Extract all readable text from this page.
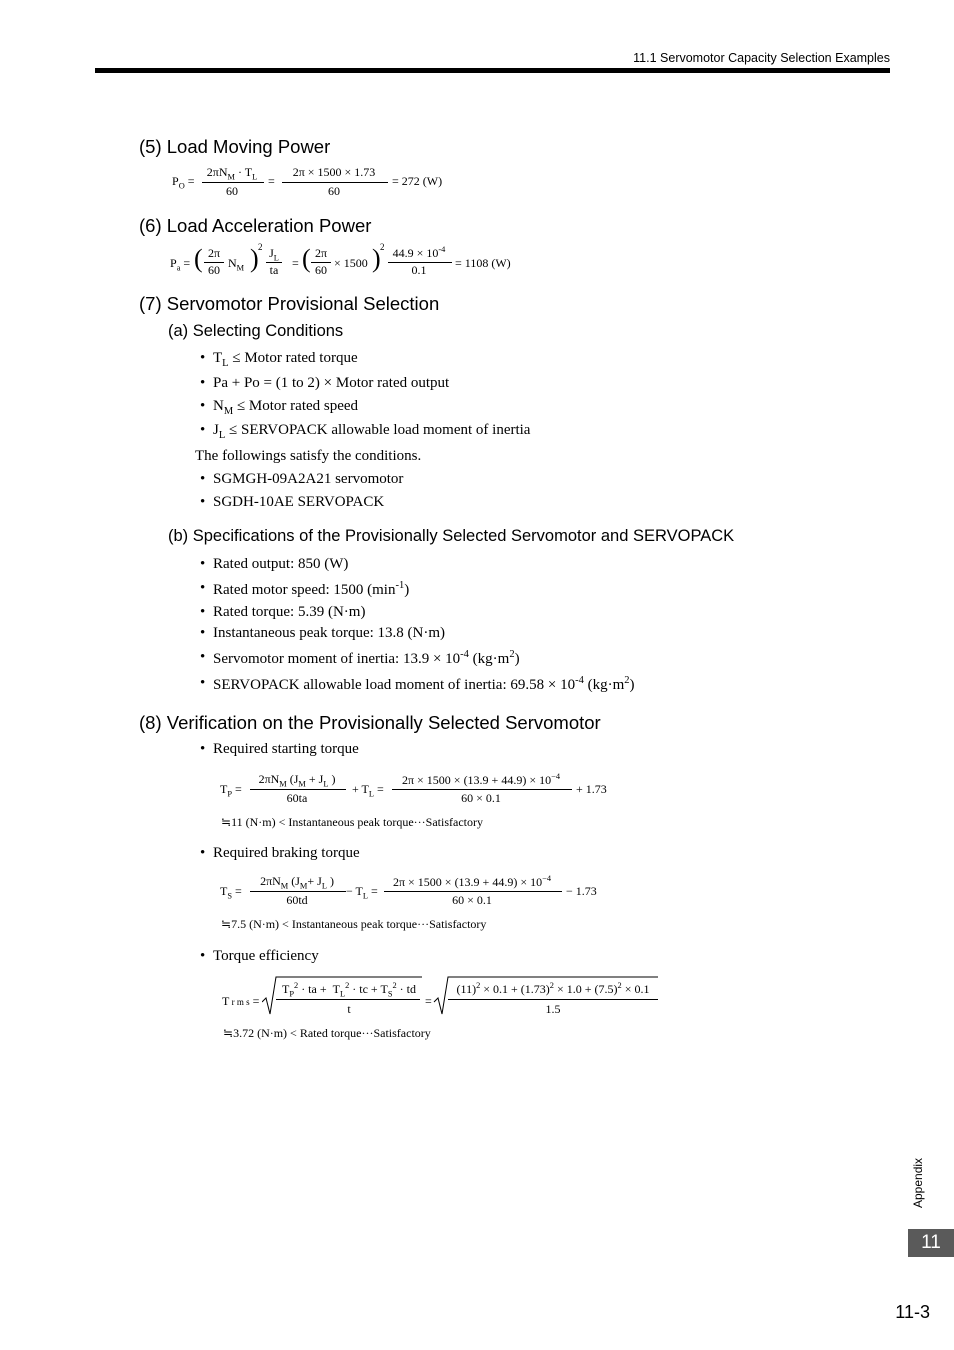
11.1 Servomotor Capacity Selection Examples
(5) Load Moving Power
$P_O$ =
$2\pi N_M \cdot T_L$
60
=
2π × 1500 × 1.73
60
= 272 (W)
(6) Load Acceleration Power
$P_a$ = ( 2π
60 $N_M$ ) 2 $J_L$
ta	= ( 2π
60 × 1500 ) 2 $44.9 \times 10^{-4}$
0.1	= 1108 (W)
(7) Servomotor Provisional Selection
(a) Selecting Conditions
• $T_L$ ≤ Motor rated torque
• Pa + Po = (1 to 2) × Motor rated output
• $N_M$ ≤ Motor rated speed
• $J_L$ ≤ SERVOPACK allowable load moment of inertia
The followings satisfy the conditions.
• SGMGH-09A2A21 servomotor
• SGDH-10AE SERVOPACK
(b) Specifications of the Provisionally Selected Servomotor and SERVOPACK
• Rated output: 850 (W)
• Rated motor speed: 1500 $(\min^{-1})$
• Rated torque: 5.39 (N·m)
• Instantaneous peak torque: 13.8 (N·m)
• Servomotor moment of inertia: $13.9 \times 10^{-4}$ $(kg\cdot m^2)$
• SERVOPACK allowable load moment of inertia: $69.58 \times 10^{-4}$ $(kg\cdot m^2)$
(8) Verification on the Provisionally Selected Servomotor
• Required starting torque
$T_P$ =
$2\pi N_M$ ($J_M + J_L$ )
60ta
+ $T_L$ =
$2\pi \times 1500 \times (13.9 + 44.9) \times 10^{-4}$
60 × 0.1
+ 1.73
≒11 (N·m) < Instantaneous peak torque···Satisfactory
• Required braking torque
$T_S$ =
$2\pi N_M$ ($J_M+ J_L$ )
60td
− $T_L$ =
$2\pi \times 1500 \times (13.9 + 44.9) \times 10^{-4}$
60 × 0.1
− 1.73
≒7.5 (N·m) < Instantaneous peak torque···Satisfactory
• Torque efficiency
T r m s =
$T_P^2$ · ta +  $T_L^2$ · tc + $T_S^2$ · td
t
=
$(11)^2 \times 0.1 + (1.73)^2 \times 1.0 + (7.5)^2 \times 0.1$
1.5
≒3.72 (N·m) < Rated torque···Satisfactory
Appendix
11
11-3
